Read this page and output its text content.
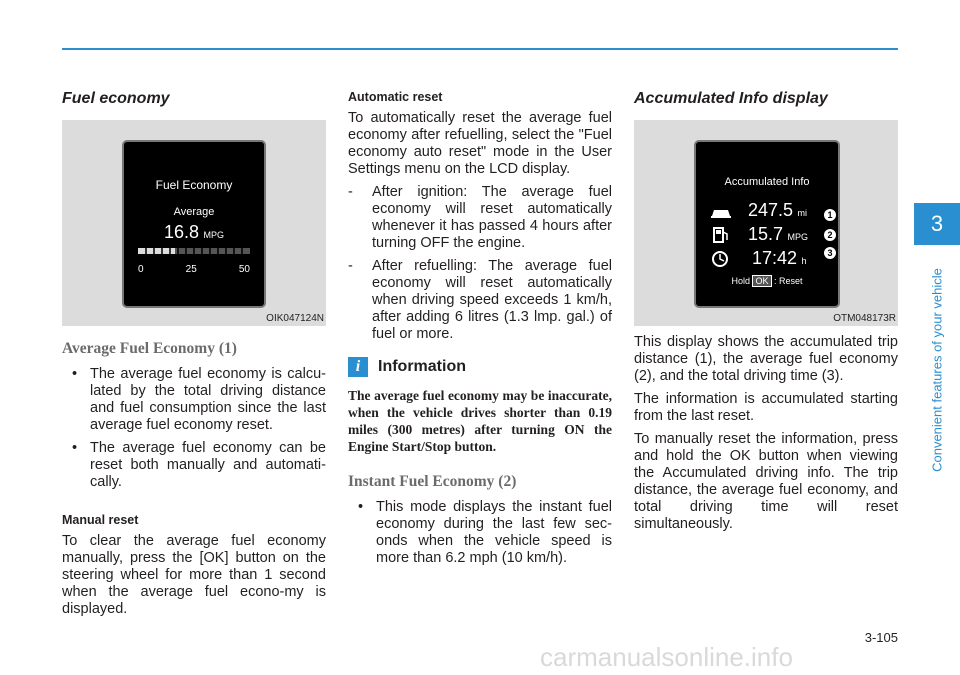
Fuel economy
Fuel Economy
Average
16.8 MPG
0	25	50
OIK047124N
Average Fuel Economy (1)
• The average fuel economy is calcu-lated by the total driving distance and fuel consumption since the last average fuel economy reset.
• The average fuel economy can be reset both manually and automati-cally.
Manual reset

To clear the average fuel economy manually, press the [OK] button on the steering wheel for more than 1 second when the average fuel econo-my is displayed.

Automatic reset

To automatically reset the average fuel economy after refuelling, select the "Fuel economy auto reset" mode in the User Settings menu on the LCD display.

- After ignition: The average fuel economy will reset automatically whenever it has passed 4 hours after turning OFF the engine.
- After refuelling: The average fuel economy will reset automatically when driving speed exceeds 1 km/h, after adding 6 litres (1.3 lmp. gal.) of fuel or more.
i	Information

The average fuel economy may be inaccurate, when the vehicle drives shorter than 0.19 miles (300 metres) after turning ON the Engine Start/Stop button.

Instant Fuel Economy (2)
• This mode displays the instant fuel economy during the last few sec-onds when the vehicle speed is more than 6.2 mph (10 km/h).
Accumulated Info display
Accumulated Info
247.5 mi
15.7 MPG
17:42 h
Hold OK : Reset
1
2
3
OTM048173R

This display shows the accumulated trip distance (1), the average fuel economy (2), and the total driving time (3).

The information is accumulated starting from the last reset.

To manually reset the information, press and hold the OK button when viewing the Accumulated driving info. The trip distance, the average fuel economy, and total driving time will reset simultaneously.

3
Convenient features of your vehicle
3-105
carmanualsonline.info
